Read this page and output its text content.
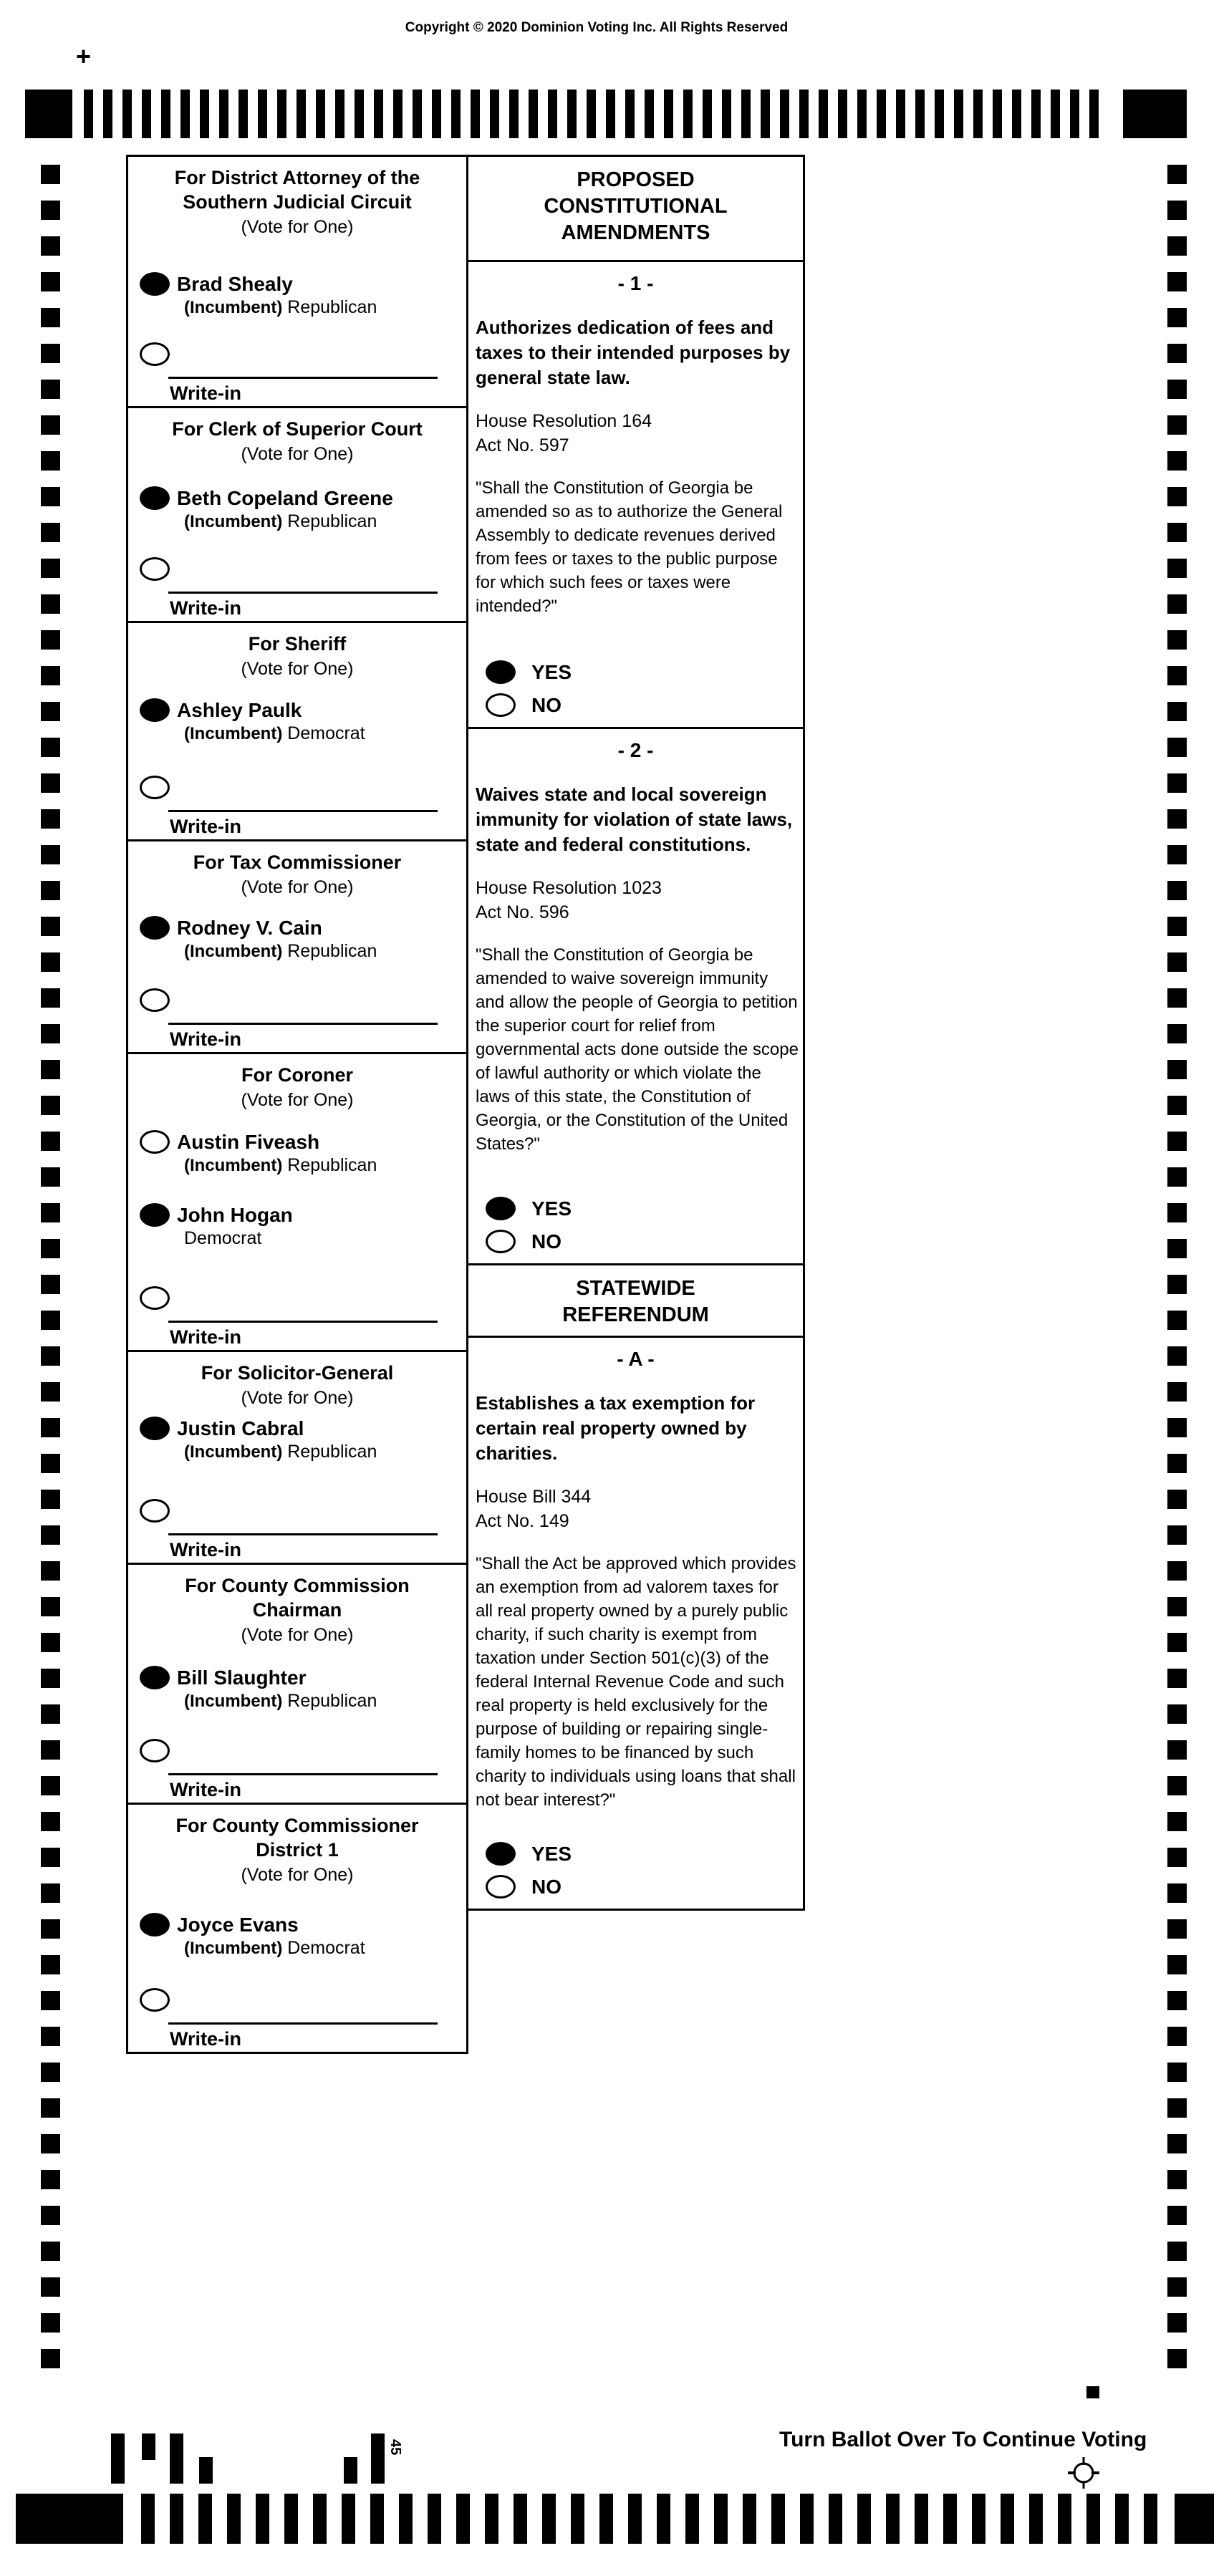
Copyright © 2020 Dominion Voting Inc. All Rights Reserved
+
For District Attorney of the Southern Judicial Circuit
(Vote for One)
Brad Shealy
(Incumbent) Republican
Write-in
For Clerk of Superior Court
(Vote for One)
Beth Copeland Greene
(Incumbent) Republican
Write-in
For Sheriff
(Vote for One)
Ashley Paulk
(Incumbent) Democrat
Write-in
For Tax Commissioner
(Vote for One)
Rodney V. Cain
(Incumbent) Republican
Write-in
For Coroner
(Vote for One)
Austin Fiveash
(Incumbent) Republican
John Hogan
Democrat
Write-in
For Solicitor-General
(Vote for One)
Justin Cabral
(Incumbent) Republican
Write-in
For County Commission Chairman
(Vote for One)
Bill Slaughter
(Incumbent) Republican
Write-in
For County Commissioner District 1
(Vote for One)
Joyce Evans
(Incumbent) Democrat
Write-in
PROPOSED CONSTITUTIONAL AMENDMENTS
- 1 -
Authorizes dedication of fees and taxes to their intended purposes by general state law.
House Resolution 164
Act No. 597
"Shall the Constitution of Georgia be amended so as to authorize the General Assembly to dedicate revenues derived from fees or taxes to the public purpose for which such fees or taxes were intended?"
YES
NO
- 2 -
Waives state and local sovereign immunity for violation of state laws, state and federal constitutions.
House Resolution 1023
Act No. 596
"Shall the Constitution of Georgia be amended to waive sovereign immunity and allow the people of Georgia to petition the superior court for relief from governmental acts done outside the scope of lawful authority or which violate the laws of this state, the Constitution of Georgia, or the Constitution of the United States?"
YES
NO
STATEWIDE REFERENDUM
- A -
Establishes a tax exemption for certain real property owned by charities.
House Bill 344
Act No. 149
"Shall the Act be approved which provides an exemption from ad valorem taxes for all real property owned by a purely public charity, if such charity is exempt from taxation under Section 501(c)(3) of the federal Internal Revenue Code and such real property is held exclusively for the purpose of building or repairing single-family homes to be financed by such charity to individuals using loans that shall not bear interest?"
YES
NO
45	Turn Ballot Over To Continue Voting
